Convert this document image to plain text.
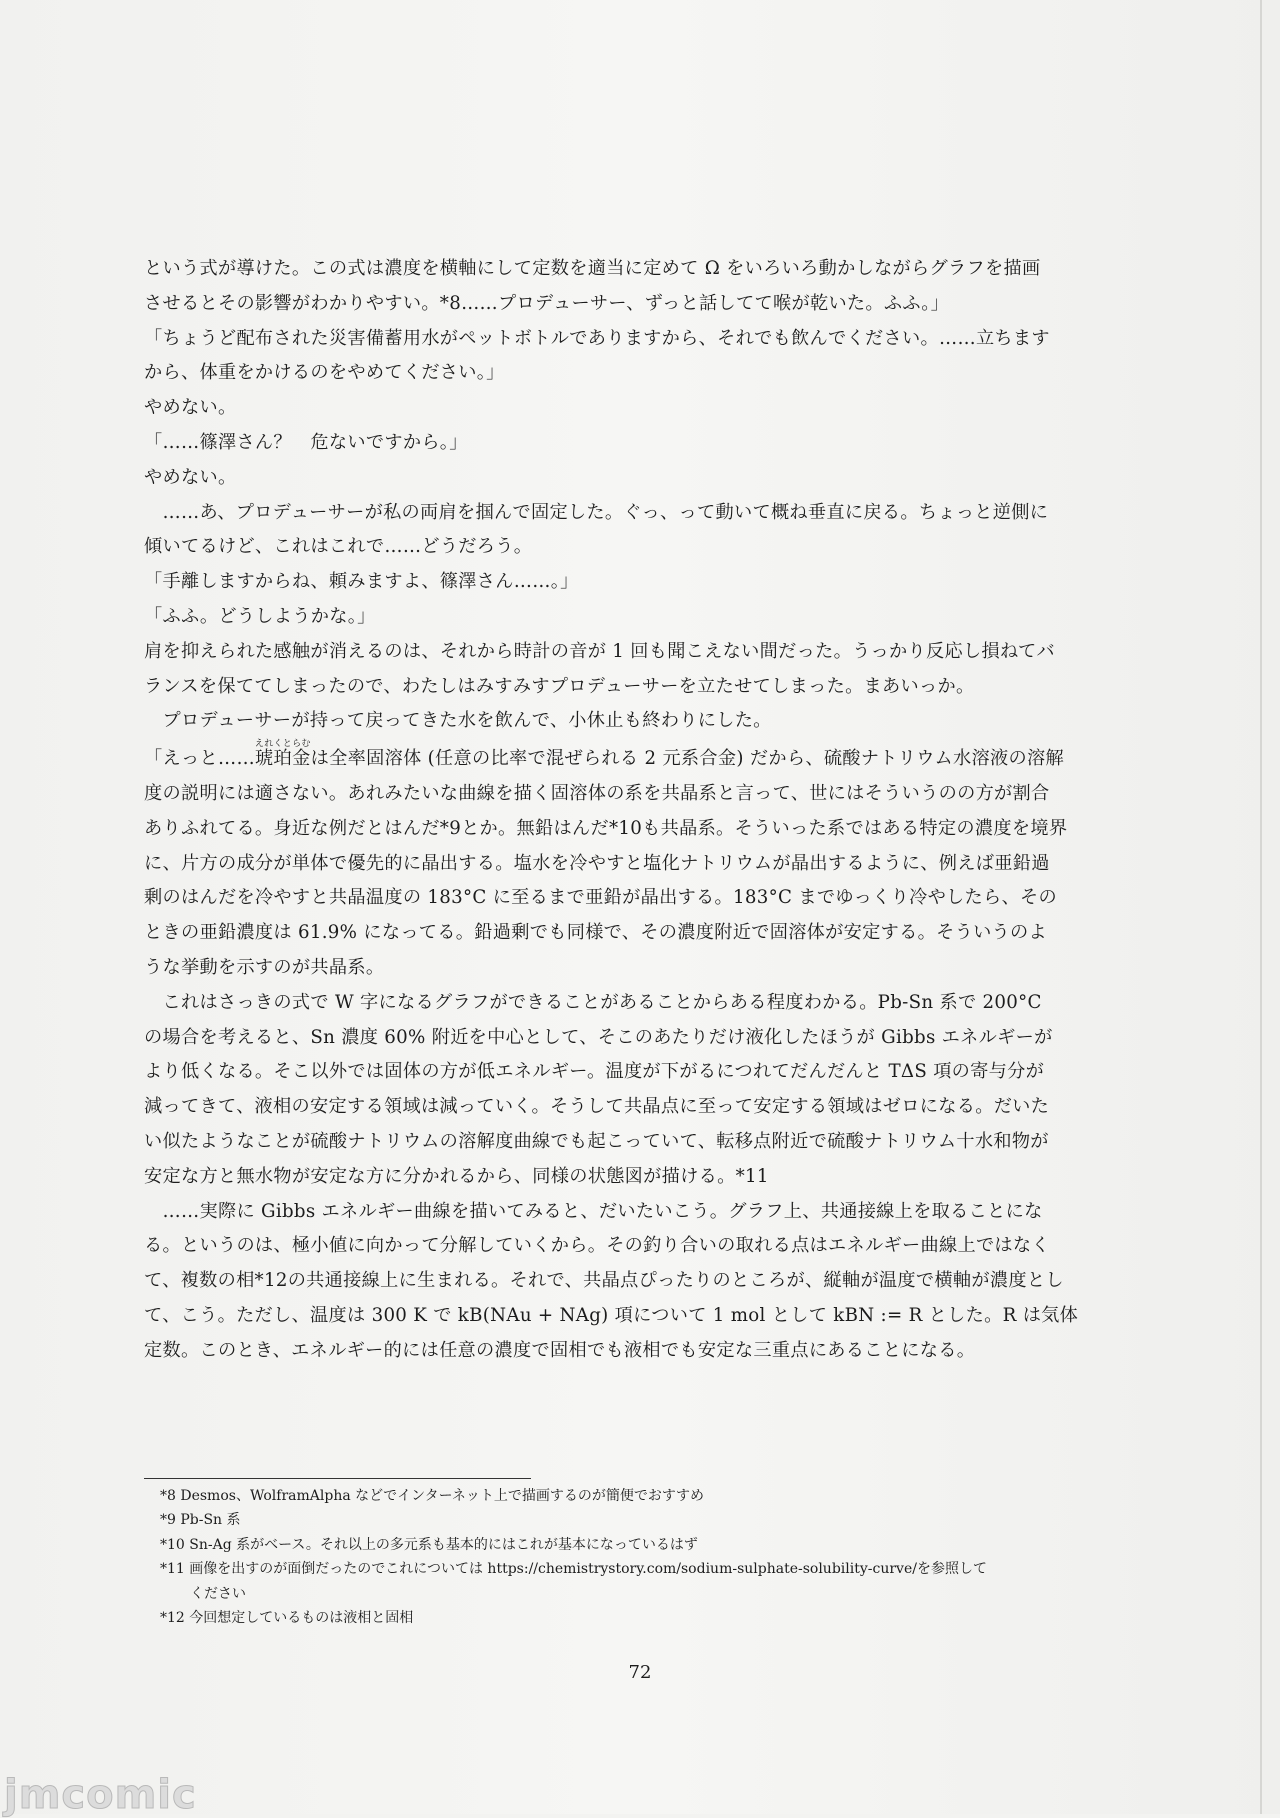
という式が導けた。この式は濃度を横軸にして定数を適当に定めて Ω をいろいろ動かしながらグラフを描画

させるとその影響がわかりやすい。*8……プロデューサー、ずっと話してて喉が乾いた。ふふ。」

「ちょうど配布された災害備蓄用水がペットボトルでありますから、それでも飲んでください。……立ちます

から、体重をかけるのをやめてください。」

やめない。

「……篠澤さん？　危ないですから。」

やめない。

　……あ、プロデューサーが私の両肩を掴んで固定した。ぐっ、って動いて概ね垂直に戻る。ちょっと逆側に

傾いてるけど、これはこれで……どうだろう。

「手離しますからね、頼みますよ、篠澤さん……。」

「ふふ。どうしようかな。」

肩を抑えられた感触が消えるのは、それから時計の音が 1 回も聞こえない間だった。うっかり反応し損ねてバ

ランスを保ててしまったので、わたしはみすみすプロデューサーを立たせてしまった。まあいっか。

　プロデューサーが持って戻ってきた水を飲んで、小休止も終わりにした。

「えっと……琥珀金えれくとらむは全率固溶体 (任意の比率で混ぜられる 2 元系合金) だから、硫酸ナトリウム水溶液の溶解

度の説明には適さない。あれみたいな曲線を描く固溶体の系を共晶系と言って、世にはそういうのの方が割合

ありふれてる。身近な例だとはんだ*9とか。無鉛はんだ*10も共晶系。そういった系ではある特定の濃度を境界

に、片方の成分が単体で優先的に晶出する。塩水を冷やすと塩化ナトリウムが晶出するように、例えば亜鉛過

剰のはんだを冷やすと共晶温度の 183°C に至るまで亜鉛が晶出する。183°C までゆっくり冷やしたら、その

ときの亜鉛濃度は 61.9% になってる。鉛過剰でも同様で、その濃度附近で固溶体が安定する。そういうのよ

うな挙動を示すのが共晶系。

　これはさっきの式で W 字になるグラフができることがあることからある程度わかる。Pb-Sn 系で 200°C

の場合を考えると、Sn 濃度 60% 附近を中心として、そこのあたりだけ液化したほうが Gibbs エネルギーが

より低くなる。そこ以外では固体の方が低エネルギー。温度が下がるにつれてだんだんと TΔS 項の寄与分が

減ってきて、液相の安定する領域は減っていく。そうして共晶点に至って安定する領域はゼロになる。だいた

い似たようなことが硫酸ナトリウムの溶解度曲線でも起こっていて、転移点附近で硫酸ナトリウム十水和物が

安定な方と無水物が安定な方に分かれるから、同様の状態図が描ける。*11

　……実際に Gibbs エネルギー曲線を描いてみると、だいたいこう。グラフ上、共通接線上を取ることにな

る。というのは、極小値に向かって分解していくから。その釣り合いの取れる点はエネルギー曲線上ではなく

て、複数の相*12の共通接線上に生まれる。それで、共晶点ぴったりのところが、縦軸が温度で横軸が濃度とし

て、こう。ただし、温度は 300 K で kB(NAu + NAg) 項について 1 mol として kBN := R とした。R は気体

定数。このとき、エネルギー的には任意の濃度で固相でも液相でも安定な三重点にあることになる。

*8 Desmos、WolframAlpha などでインターネット上で描画するのが簡便でおすすめ

*9 Pb-Sn 系

*10 Sn-Ag 系がベース。それ以上の多元系も基本的にはこれが基本になっているはず

*11 画像を出すのが面倒だったのでこれについては https://chemistrystory.com/sodium-sulphate-solubility-curve/を参照して

ください

*12 今回想定しているものは液相と固相

72
jmcomic
